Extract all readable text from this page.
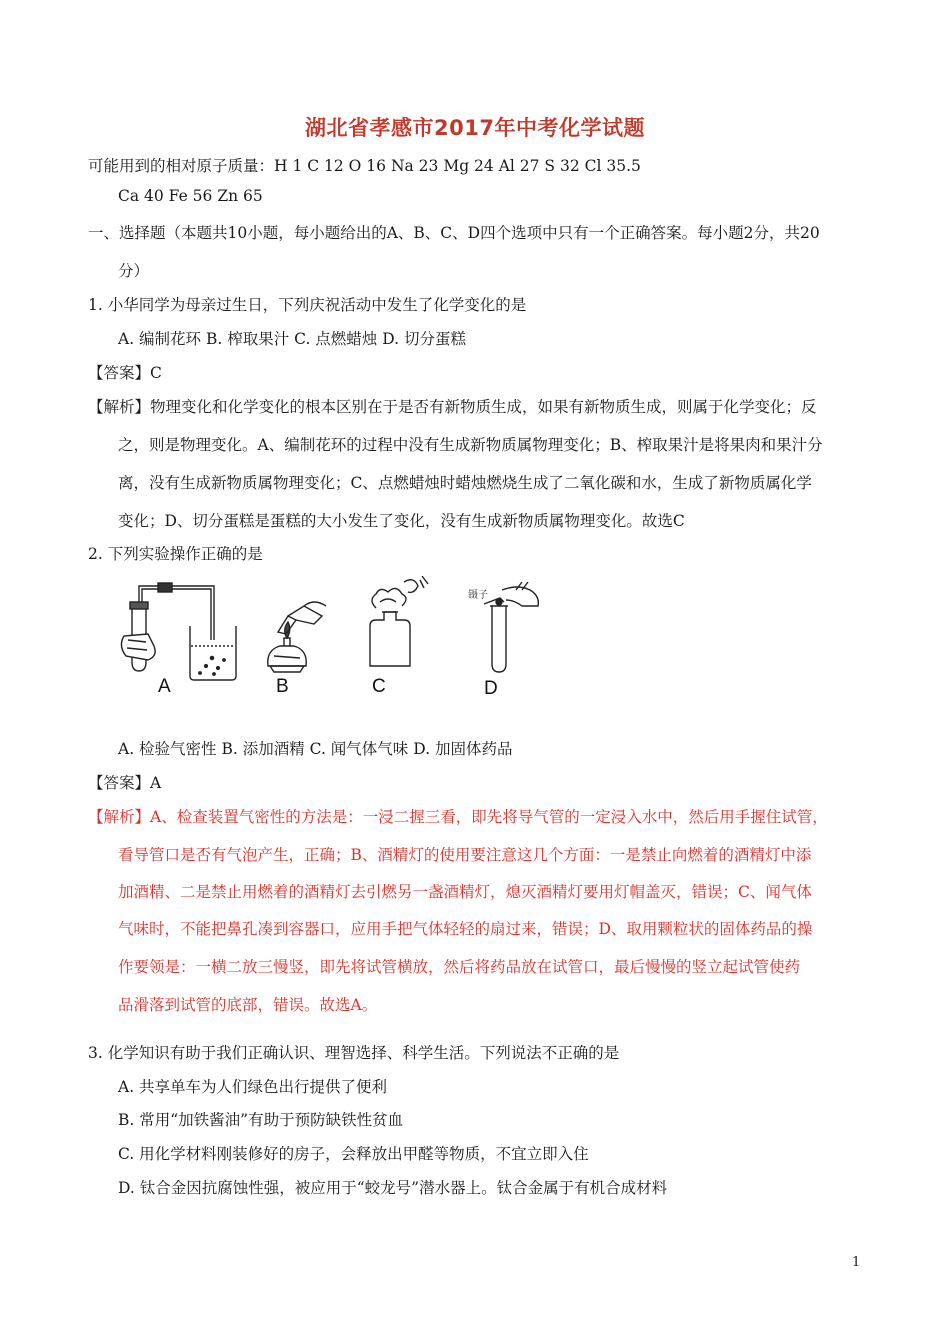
湖北省孝感市2017年中考化学试题
可能用到的相对原子质量：H 1 C 12 O 16 Na 23 Mg 24 Al 27 S 32 Cl 35.5
Ca 40 Fe 56 Zn 65
一、选择题（本题共10小题，每小题给出的A、B、C、D四个选项中只有一个正确答案。每小题2分，共20
分）
1. 小华同学为母亲过生日，下列庆祝活动中发生了化学变化的是
A. 编制花环 B. 榨取果汁 C. 点燃蜡烛 D. 切分蛋糕
【答案】C
【解析】物理变化和化学变化的根本区别在于是否有新物质生成，如果有新物质生成，则属于化学变化；反
之，则是物理变化。A、编制花环的过程中没有生成新物质属物理变化；B、榨取果汁是将果肉和果汁分
离，没有生成新物质属物理变化；C、点燃蜡烛时蜡烛燃烧生成了二氧化碳和水，生成了新物质属化学
变化；D、切分蛋糕是蛋糕的大小发生了变化，没有生成新物质属物理变化。故选C
2. 下列实验操作正确的是
镊子
A	B	C	D
A. 检验气密性 B. 添加酒精 C. 闻气体气味 D. 加固体药品
【答案】A
【解析】A、检查装置气密性的方法是：一浸二握三看，即先将导气管的一定浸入水中，然后用手握住试管，
看导管口是否有气泡产生，正确；B、酒精灯的使用要注意这几个方面：一是禁止向燃着的酒精灯中添
加酒精、二是禁止用燃着的酒精灯去引燃另一盏酒精灯，熄灭酒精灯要用灯帽盖灭，错误；C、闻气体
气味时，不能把鼻孔凑到容器口，应用手把气体轻轻的扇过来，错误；D、取用颗粒状的固体药品的操
作要领是：一横二放三慢竖，即先将试管横放，然后将药品放在试管口，最后慢慢的竖立起试管使药
品滑落到试管的底部，错误。故选A。
3. 化学知识有助于我们正确认识、理智选择、科学生活。下列说法不正确的是
A. 共享单车为人们绿色出行提供了便利
B. 常用“加铁酱油”有助于预防缺铁性贫血
C. 用化学材料刚装修好的房子，会释放出甲醛等物质，不宜立即入住
D. 钛合金因抗腐蚀性强，被应用于“蛟龙号”潜水器上。钛合金属于有机合成材料
1
